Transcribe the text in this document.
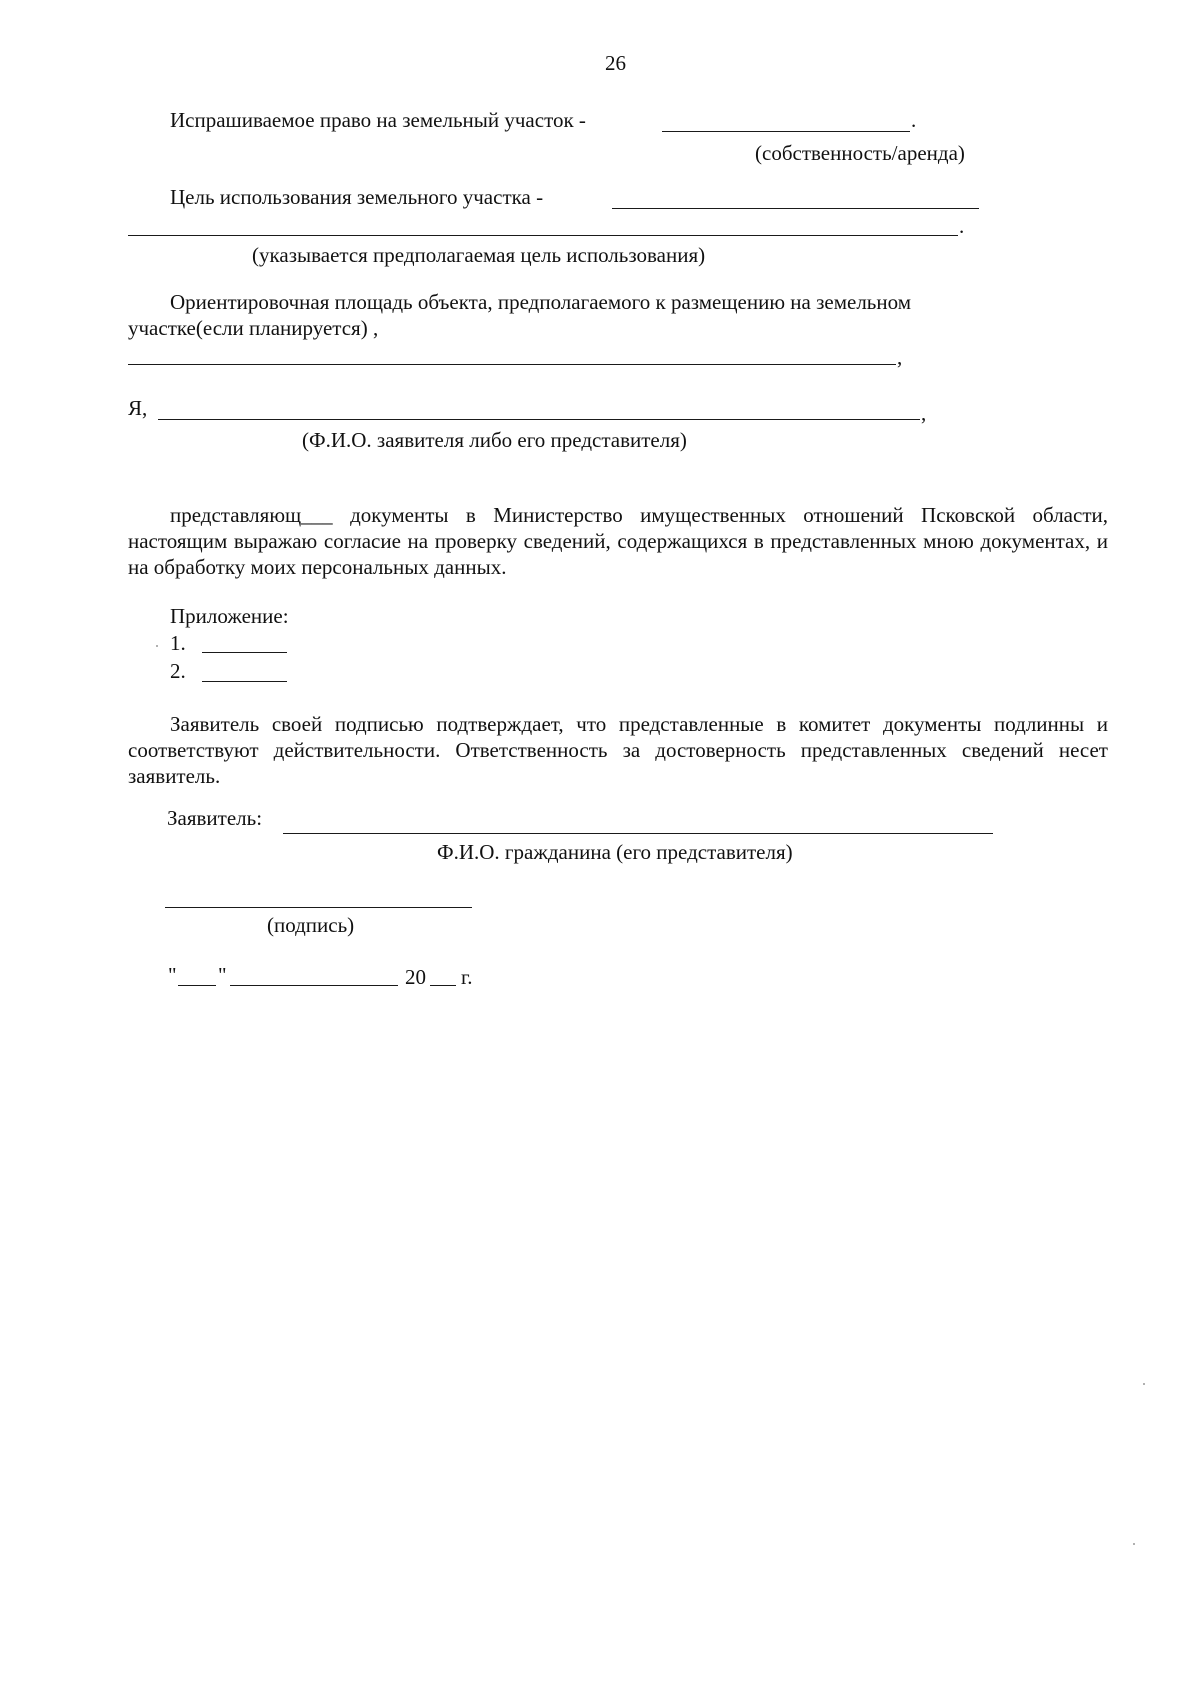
26
Испрашиваемое право на земельный участок -	.
(собственность/аренда)
Цель использования земельного участка -
.
(указывается предполагаемая цель использования)
Ориентировочная площадь объекта, предполагаемого к размещению на земельном
участке(если планируется) ,
,
Я,	,
(Ф.И.О. заявителя либо его представителя)

представляющ___ документы в Министерство имущественных отношений Псковской области, настоящим выражаю согласие на проверку сведений, содержащихся в представленных мною документах, и на обработку моих персональных данных.

Приложение:
1.
2.

Заявитель своей подписью подтверждает, что представленные в комитет документы подлинны и соответствуют действительности. Ответственность за достоверность представленных сведений несет заявитель.

Заявитель:
Ф.И.О. гражданина (его представителя)
(подпись)
" "	20 г.
